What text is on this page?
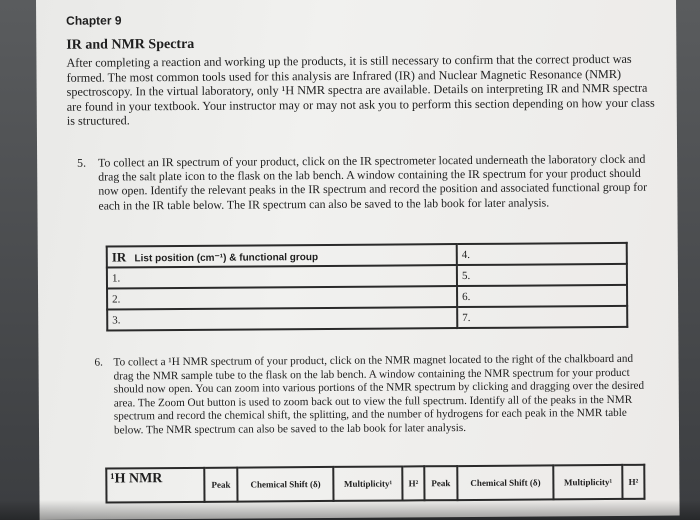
Chapter 9
IR and NMR Spectra
After completing a reaction and working up the products, it is still necessary to confirm that the correct product was formed. The most common tools used for this analysis are Infrared (IR) and Nuclear Magnetic Resonance (NMR) spectroscopy. In the virtual laboratory, only ¹H NMR spectra are available. Details on interpreting IR and NMR spectra are found in your textbook. Your instructor may or may not ask you to perform this section depending on how your class is structured.
5. To collect an IR spectrum of your product, click on the IR spectrometer located underneath the laboratory clock and drag the salt plate icon to the flask on the lab bench. A window containing the IR spectrum for your product should now open. Identify the relevant peaks in the IR spectrum and record the position and associated functional group for each in the IR table below. The IR spectrum can also be saved to the lab book for later analysis.
IR List position (cm⁻¹) & functional group	4.
1.	5.
2.	6.
3.	7.
6. To collect a ¹H NMR spectrum of your product, click on the NMR magnet located to the right of the chalkboard and drag the NMR sample tube to the flask on the lab bench. A window containing the NMR spectrum for your product should now open. You can zoom into various portions of the NMR spectrum by clicking and dragging over the desired area. The Zoom Out button is used to zoom back out to view the full spectrum. Identify all of the peaks in the NMR spectrum and record the chemical shift, the splitting, and the number of hydrogens for each peak in the NMR table below. The NMR spectrum can also be saved to the lab book for later analysis.
¹H NMR	Peak	Chemical Shift (δ)	Multiplicity¹	H²	Peak	Chemical Shift (δ)	Multiplicity¹	H²
